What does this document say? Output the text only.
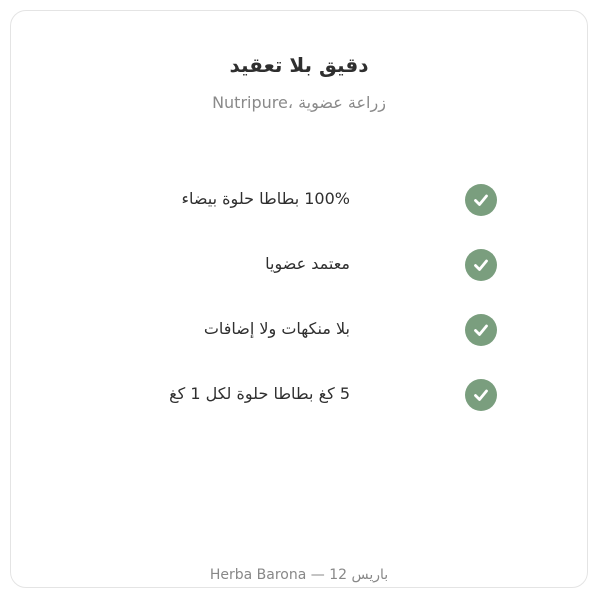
دقيق بلا تعقيد
زراعة عضوية ،Nutripure
100% بطاطا حلوة بيضاء
معتمد عضويا
بلا منكهات ولا إضافات
5 كغ بطاطا حلوة لكل 1 كغ
باريس 12 — Herba Barona
